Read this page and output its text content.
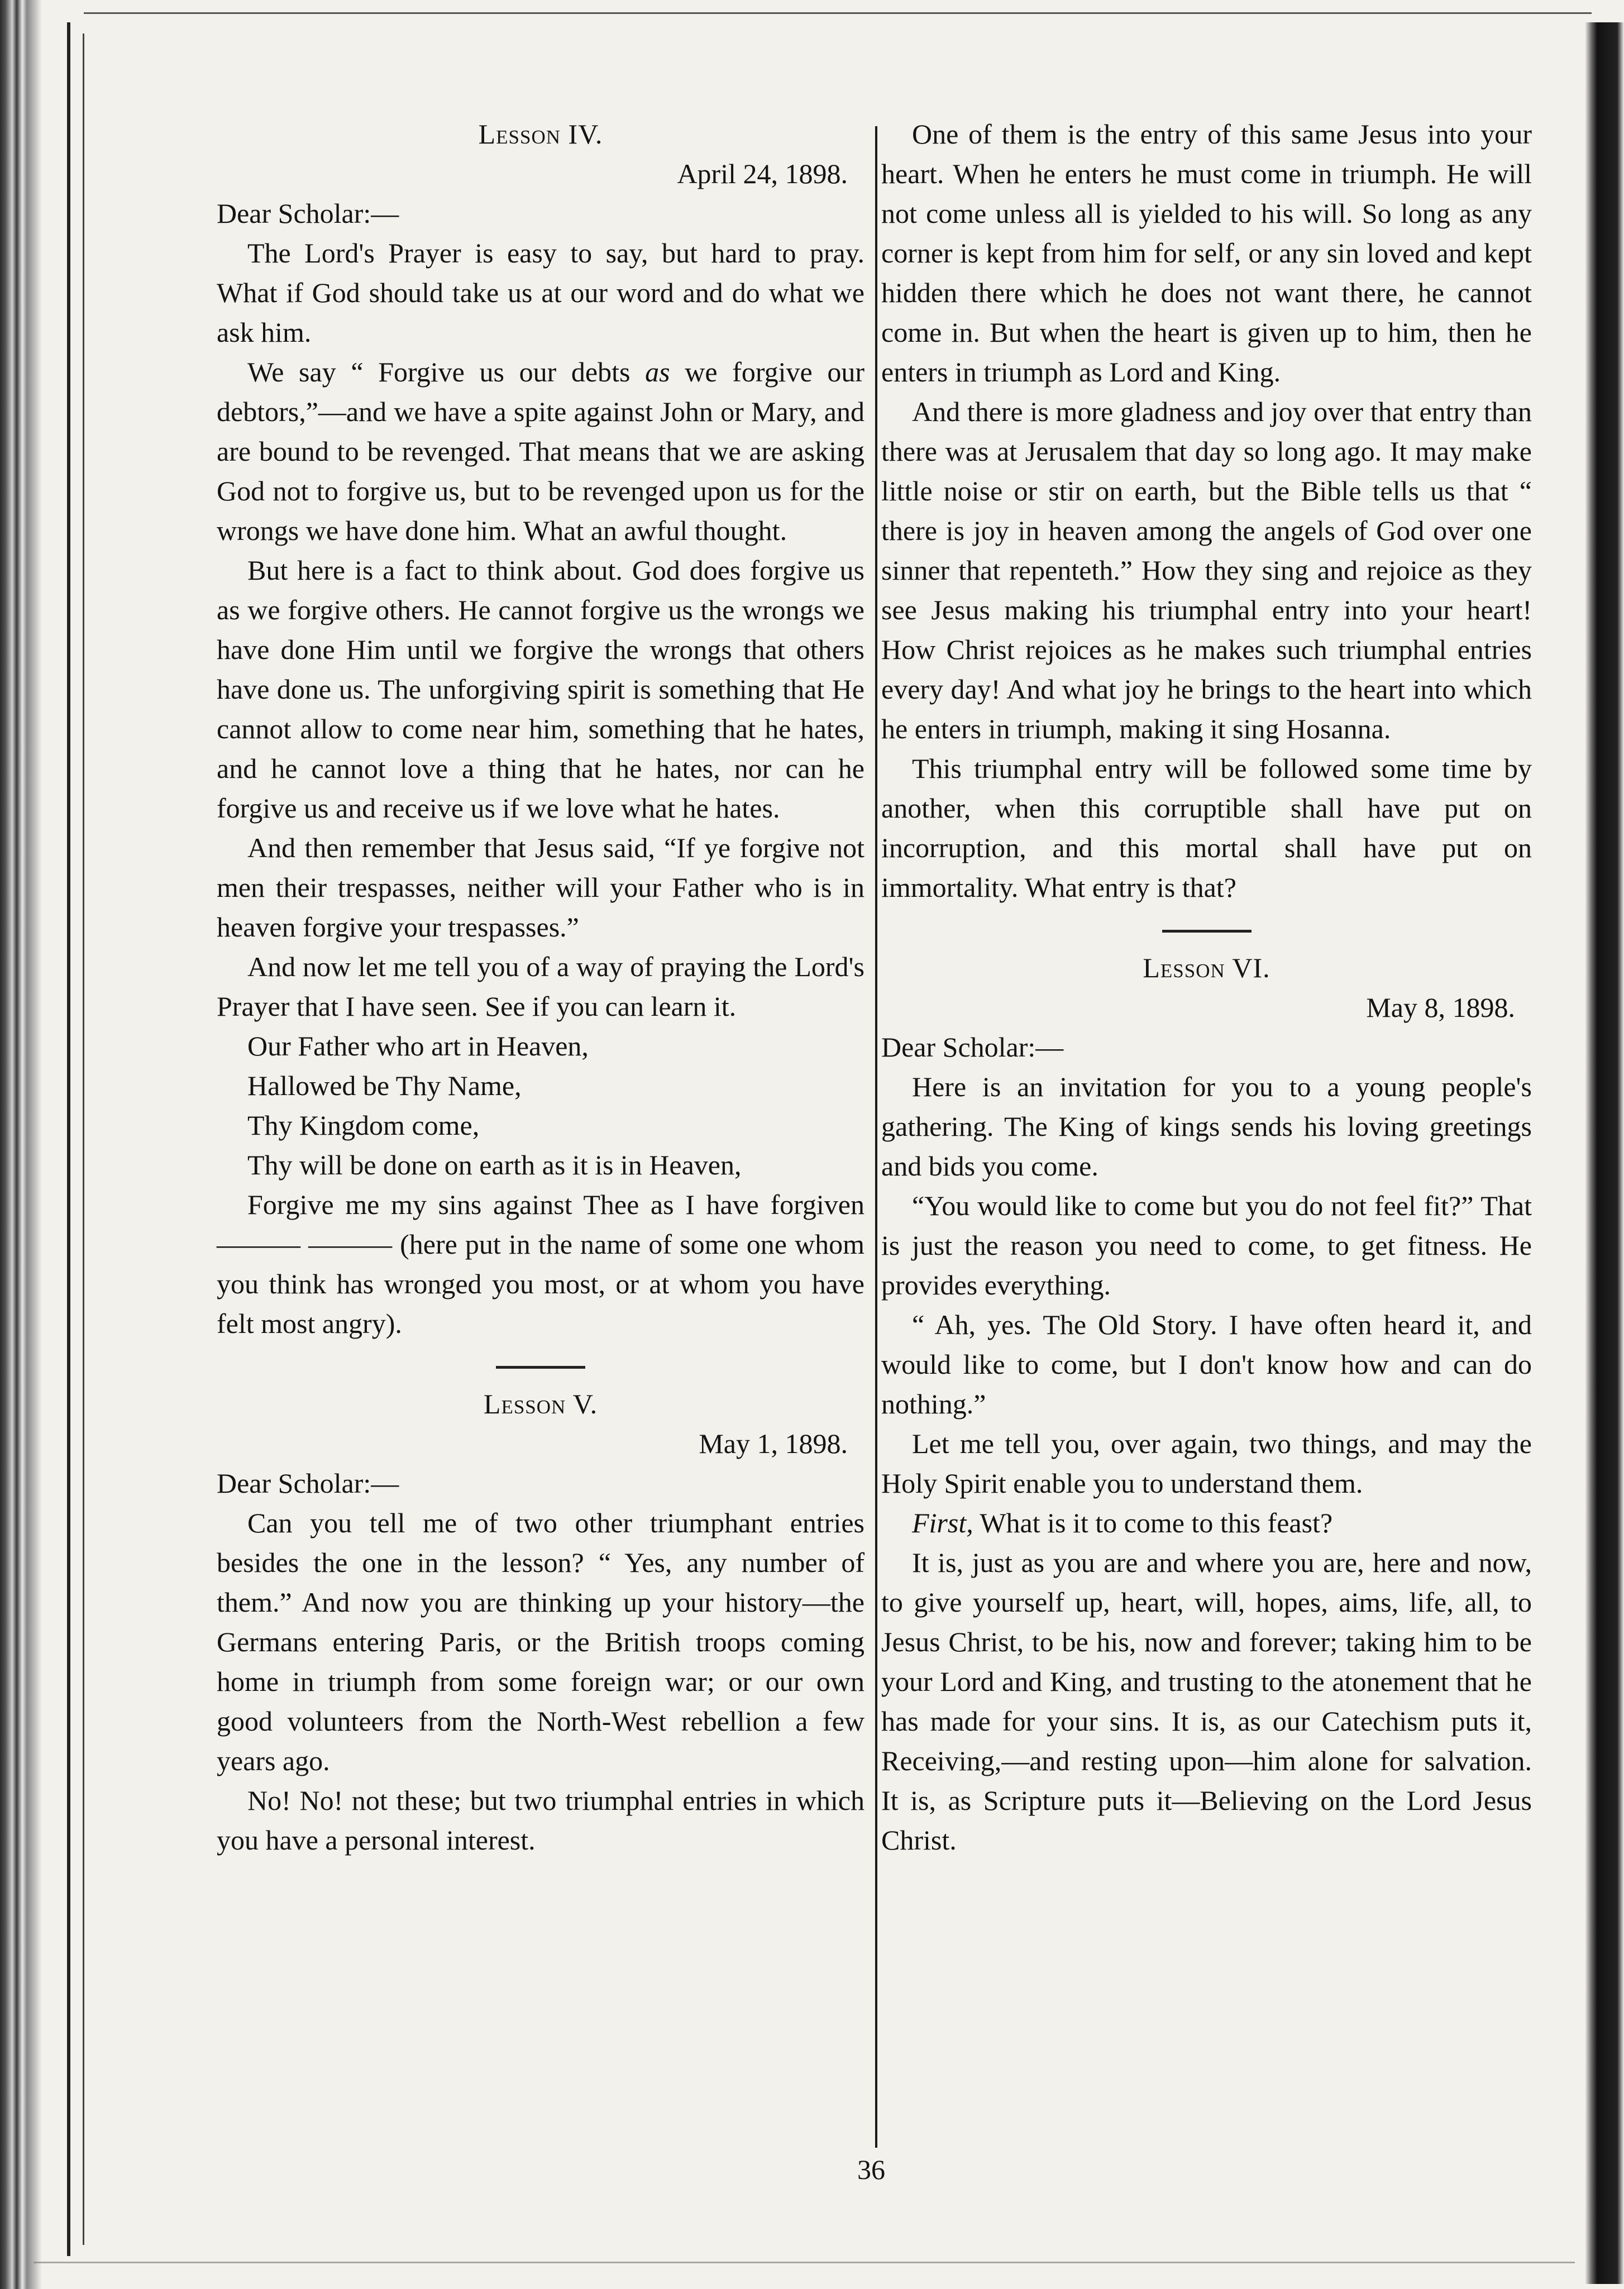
Lesson IV.

April 24, 1898.

Dear Scholar:—

The Lord's Prayer is easy to say, but hard to pray. What if God should take us at our word and do what we ask him.

We say “ Forgive us our debts as we forgive our debtors,”—and we have a spite against John or Mary, and are bound to be revenged. That means that we are asking God not to forgive us, but to be revenged upon us for the wrongs we have done him. What an awful thought.

But here is a fact to think about. God does forgive us as we forgive others. He cannot forgive us the wrongs we have done Him until we forgive the wrongs that others have done us. The unforgiving spirit is something that He cannot allow to come near him, something that he hates, and he cannot love a thing that he hates, nor can he forgive us and receive us if we love what he hates.

And then remember that Jesus said, “If ye forgive not men their trespasses, neither will your Father who is in heaven forgive your trespasses.”

And now let me tell you of a way of praying the Lord's Prayer that I have seen. See if you can learn it.

Our Father who art in Heaven,

Hallowed be Thy Name,

Thy Kingdom come,

Thy will be done on earth as it is in Heaven,

Forgive me my sins against Thee as I have forgiven ——— ——— (here put in the name of some one whom you think has wronged you most, or at whom you have felt most angry).

Lesson V.

May 1, 1898.

Dear Scholar:—

Can you tell me of two other triumphant entries besides the one in the lesson? “ Yes, any number of them.” And now you are thinking up your history—the Germans entering Paris, or the British troops coming home in triumph from some foreign war; or our own good volunteers from the North-West rebellion a few years ago.

No! No! not these; but two triumphal entries in which you have a personal interest.

One of them is the entry of this same Jesus into your heart. When he enters he must come in triumph. He will not come unless all is yielded to his will. So long as any corner is kept from him for self, or any sin loved and kept hidden there which he does not want there, he cannot come in. But when the heart is given up to him, then he enters in triumph as Lord and King.

And there is more gladness and joy over that entry than there was at Jerusalem that day so long ago. It may make little noise or stir on earth, but the Bible tells us that “ there is joy in heaven among the angels of God over one sinner that repenteth.” How they sing and rejoice as they see Jesus making his triumphal entry into your heart! How Christ rejoices as he makes such triumphal entries every day! And what joy he brings to the heart into which he enters in triumph, making it sing Hosanna.

This triumphal entry will be followed some time by another, when this corruptible shall have put on incorruption, and this mortal shall have put on immortality. What entry is that?

Lesson VI.

May 8, 1898.

Dear Scholar:—

Here is an invitation for you to a young people's gathering. The King of kings sends his loving greetings and bids you come.

“You would like to come but you do not feel fit?” That is just the reason you need to come, to get fitness. He provides everything.

“ Ah, yes. The Old Story. I have often heard it, and would like to come, but I don't know how and can do nothing.”

Let me tell you, over again, two things, and may the Holy Spirit enable you to understand them.

First, What is it to come to this feast?

It is, just as you are and where you are, here and now, to give yourself up, heart, will, hopes, aims, life, all, to Jesus Christ, to be his, now and forever; taking him to be your Lord and King, and trusting to the atonement that he has made for your sins. It is, as our Catechism puts it, Receiving,—and resting upon—him alone for salvation. It is, as Scripture puts it—Believing on the Lord Jesus Christ.

36
